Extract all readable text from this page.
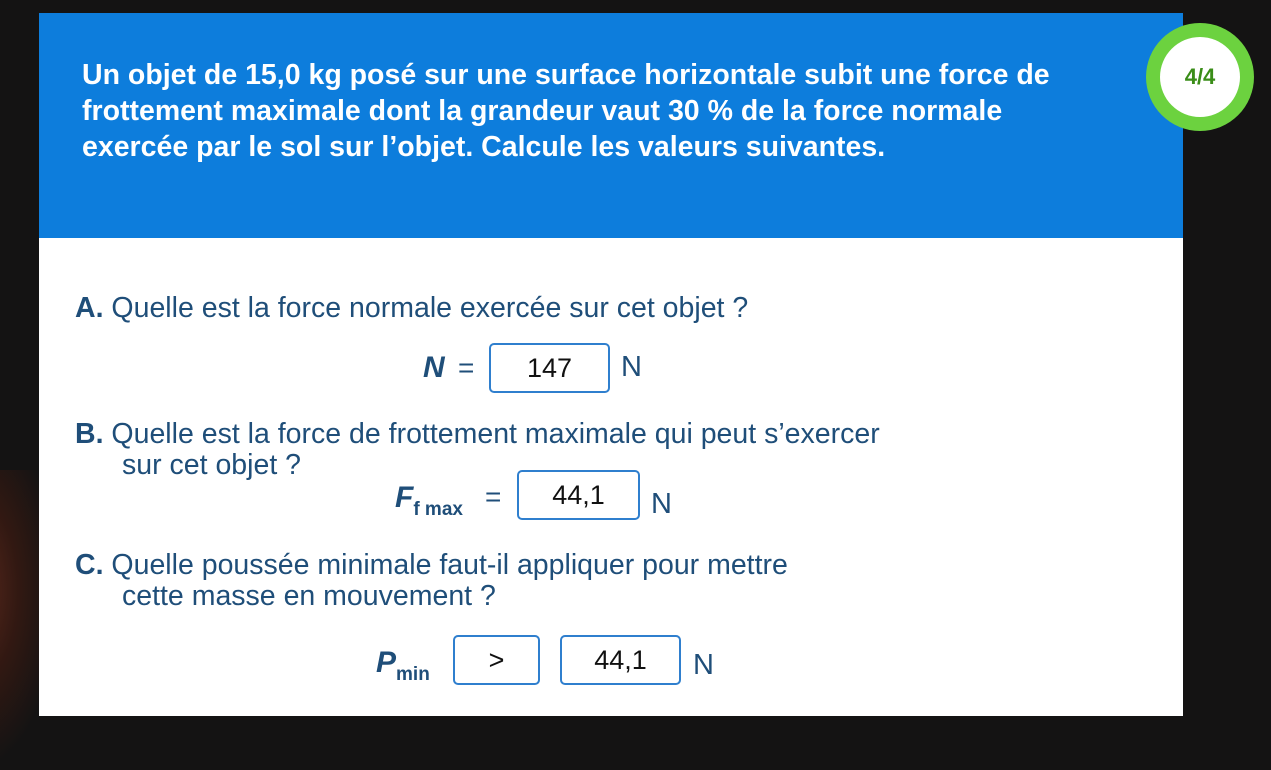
Un objet de 15,0 kg posé sur une surface horizontale subit une force de frottement maximale dont la grandeur vaut 30 % de la force normale exercée par le sol sur l’objet. Calcule les valeurs suivantes.

A. Quelle est la force normale exercée sur cet objet ?

N =	147	N

B. Quelle est la force de frottement maximale qui peut s’exercer
sur cet objet ?

$F_{f max}$ =	44,1	N

C. Quelle poussée minimale faut-il appliquer pour mettre
cette masse en mouvement ?

$P_{min}$	>	44,1	N
4/4
